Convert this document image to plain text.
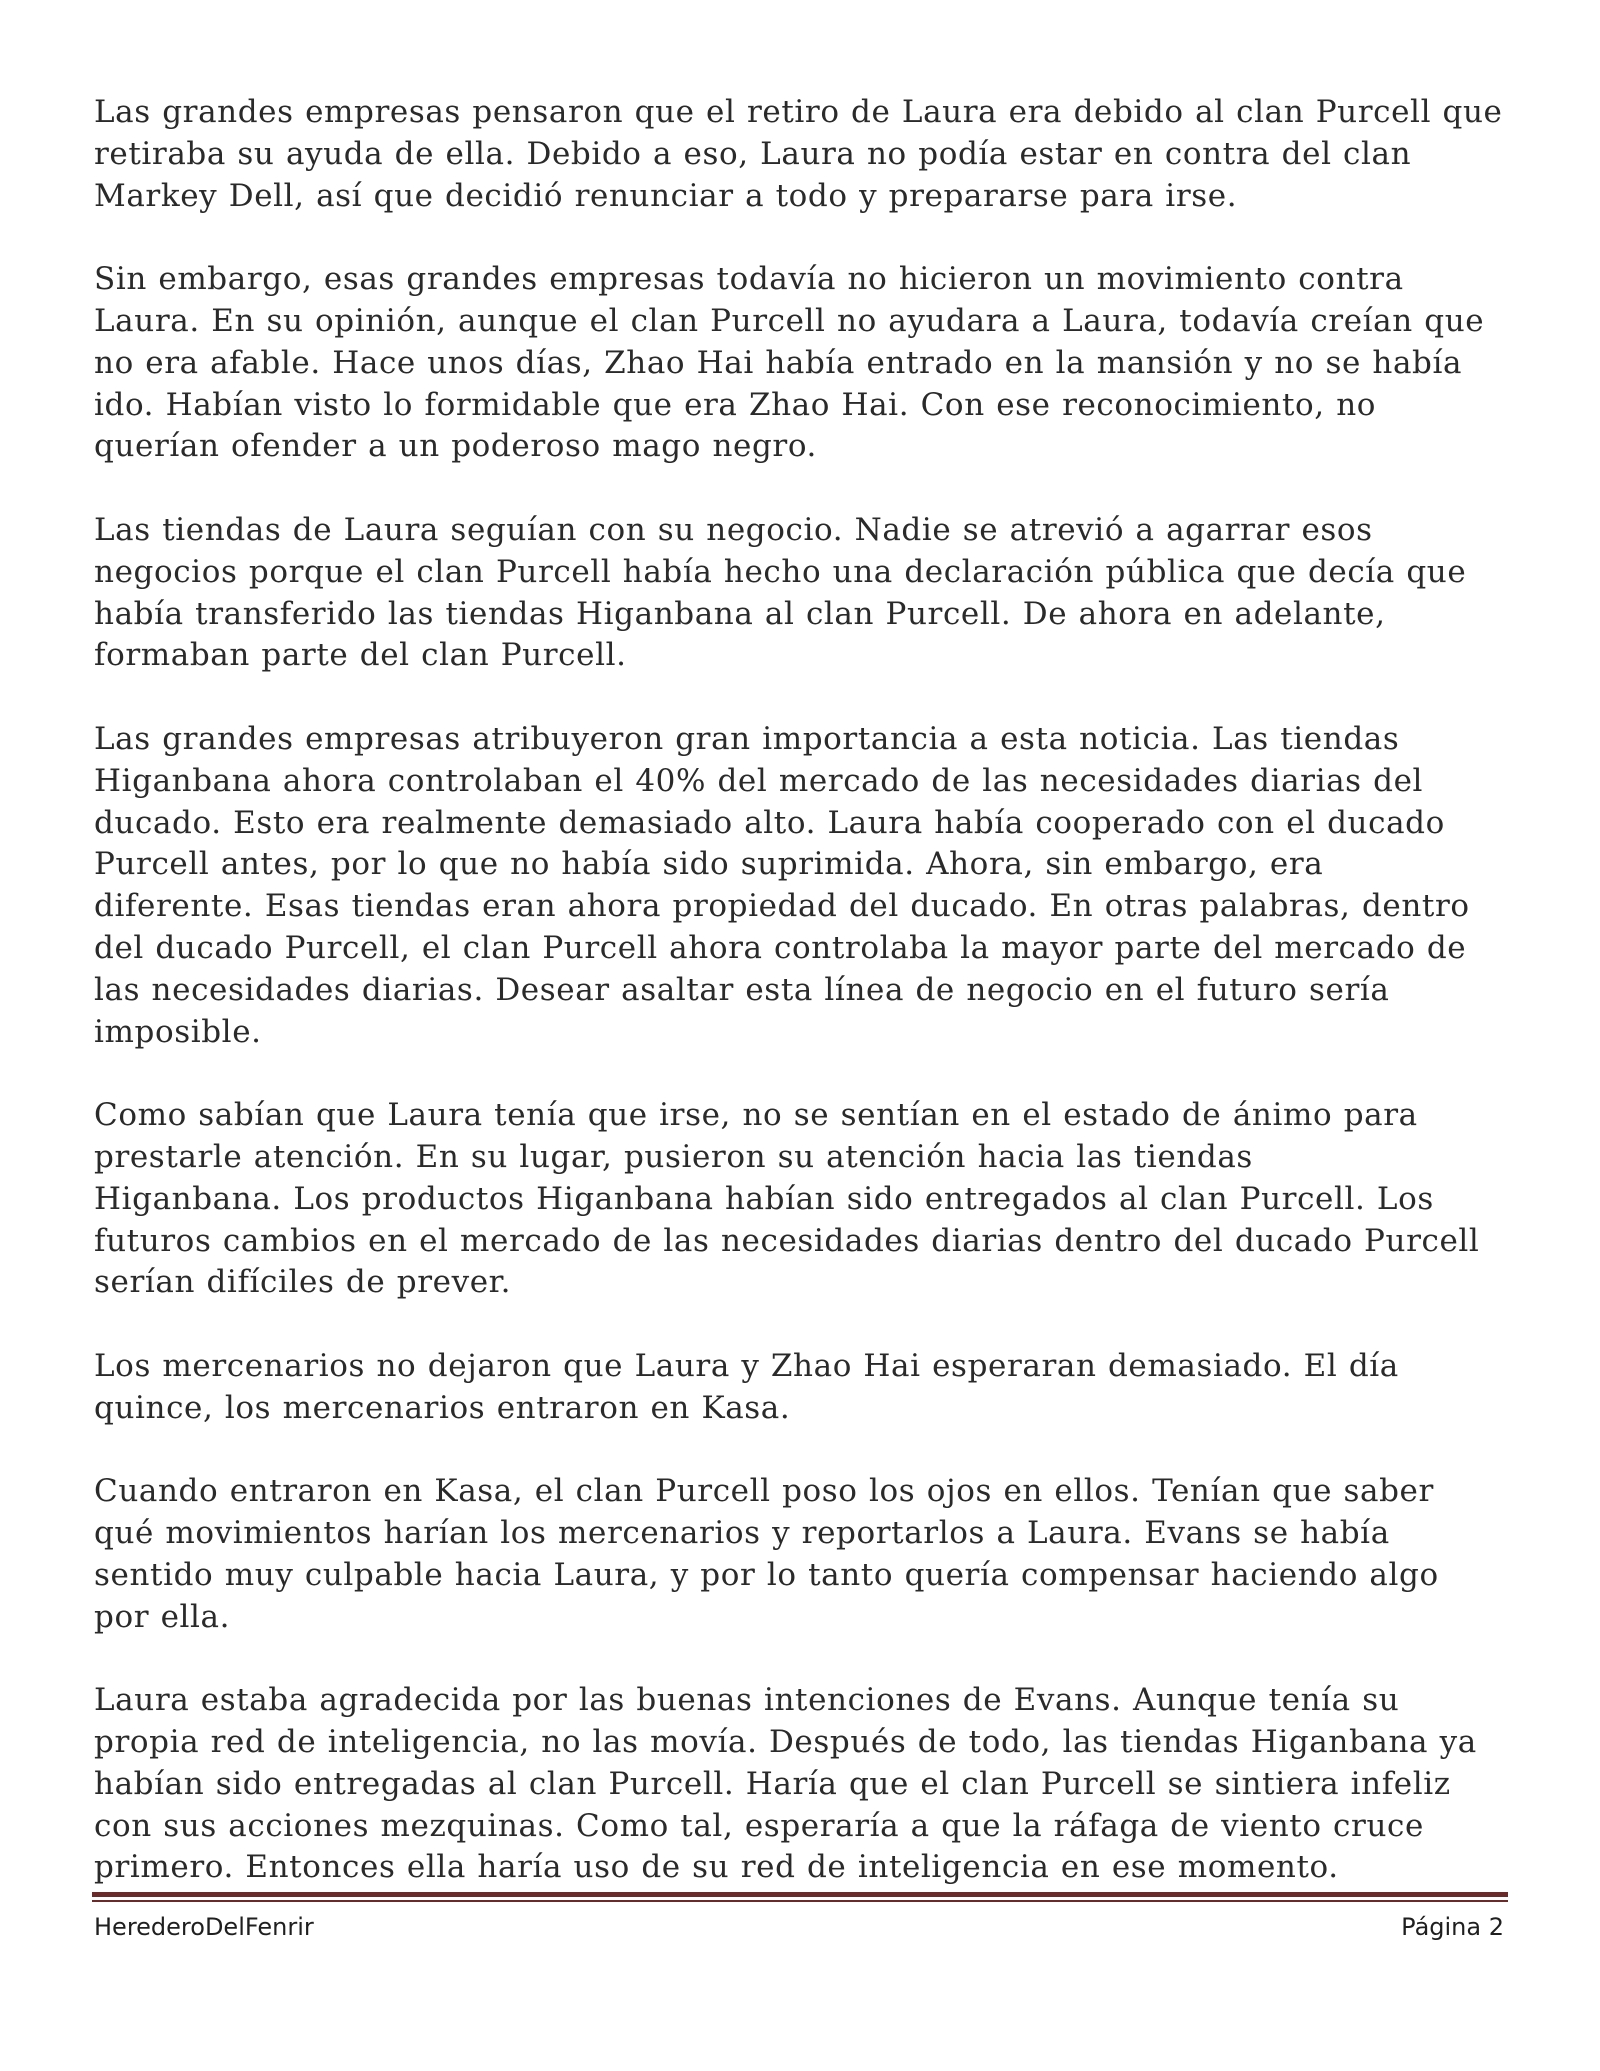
Las grandes empresas pensaron que el retiro de Laura era debido al clan Purcell que
retiraba su ayuda de ella. Debido a eso, Laura no podía estar en contra del clan
Markey Dell, así que decidió renunciar a todo y prepararse para irse.

Sin embargo, esas grandes empresas todavía no hicieron un movimiento contra
Laura. En su opinión, aunque el clan Purcell no ayudara a Laura, todavía creían que
no era afable. Hace unos días, Zhao Hai había entrado en la mansión y no se había
ido. Habían visto lo formidable que era Zhao Hai. Con ese reconocimiento, no
querían ofender a un poderoso mago negro.

Las tiendas de Laura seguían con su negocio. Nadie se atrevió a agarrar esos
negocios porque el clan Purcell había hecho una declaración pública que decía que
había transferido las tiendas Higanbana al clan Purcell. De ahora en adelante,
formaban parte del clan Purcell.

Las grandes empresas atribuyeron gran importancia a esta noticia. Las tiendas
Higanbana ahora controlaban el 40% del mercado de las necesidades diarias del
ducado. Esto era realmente demasiado alto. Laura había cooperado con el ducado
Purcell antes, por lo que no había sido suprimida. Ahora, sin embargo, era
diferente. Esas tiendas eran ahora propiedad del ducado. En otras palabras, dentro
del ducado Purcell, el clan Purcell ahora controlaba la mayor parte del mercado de
las necesidades diarias. Desear asaltar esta línea de negocio en el futuro sería
imposible.

Como sabían que Laura tenía que irse, no se sentían en el estado de ánimo para
prestarle atención. En su lugar, pusieron su atención hacia las tiendas
Higanbana. Los productos Higanbana habían sido entregados al clan Purcell. Los
futuros cambios en el mercado de las necesidades diarias dentro del ducado Purcell
serían difíciles de prever.

Los mercenarios no dejaron que Laura y Zhao Hai esperaran demasiado. El día
quince, los mercenarios entraron en Kasa.

Cuando entraron en Kasa, el clan Purcell poso los ojos en ellos. Tenían que saber
qué movimientos harían los mercenarios y reportarlos a Laura. Evans se había
sentido muy culpable hacia Laura, y por lo tanto quería compensar haciendo algo
por ella.

Laura estaba agradecida por las buenas intenciones de Evans. Aunque tenía su
propia red de inteligencia, no las movía. Después de todo, las tiendas Higanbana ya
habían sido entregadas al clan Purcell. Haría que el clan Purcell se sintiera infeliz
con sus acciones mezquinas. Como tal, esperaría a que la ráfaga de viento cruce
primero. Entonces ella haría uso de su red de inteligencia en ese momento.

HerederoDelFenrir	Página 2
